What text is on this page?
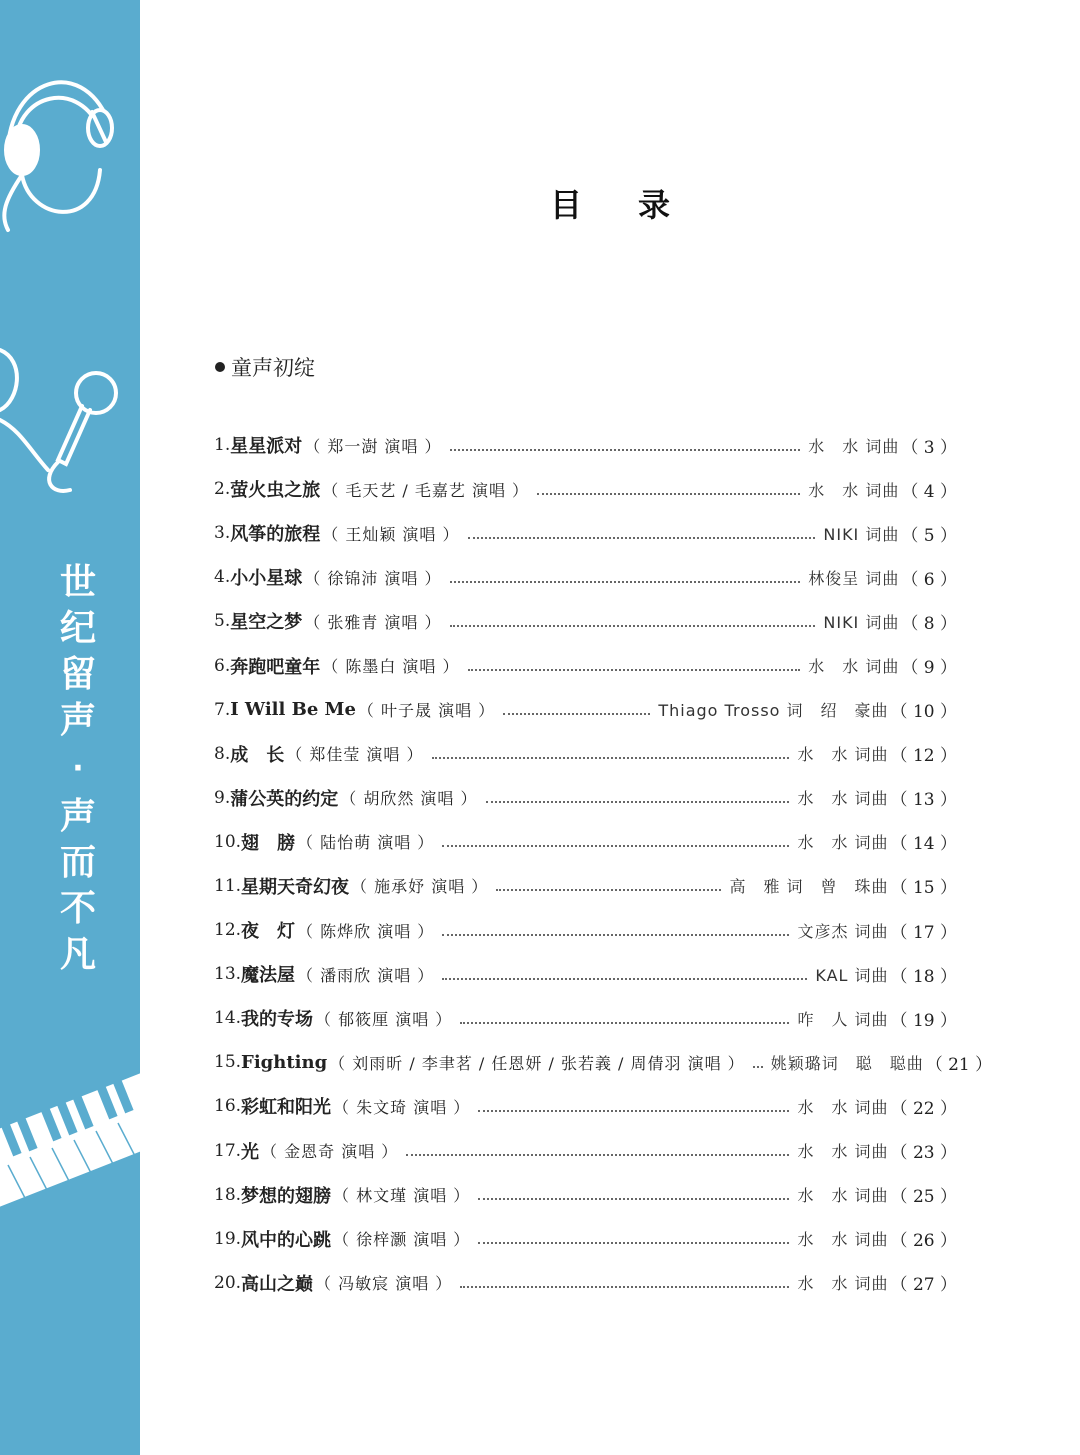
世
纪
留
声
·
声
而
不
凡
目录
童声初绽
1. 星星派对 （ 郑一澍 演唱 ）	水　水 词曲 （ 3 ）
2. 萤火虫之旅 （ 毛天艺 / 毛嘉艺 演唱 ）	水　水 词曲 （ 4 ）
3. 风筝的旅程 （ 王灿颖 演唱 ）	NIKI 词曲 （ 5 ）
4. 小小星球 （ 徐锦沛 演唱 ）	林俊呈 词曲 （ 6 ）
5. 星空之梦 （ 张雅青 演唱 ）	NIKI 词曲 （ 8 ）
6. 奔跑吧童年 （ 陈墨白 演唱 ）	水　水 词曲 （ 9 ）
7. I Will Be Me （ 叶子晟 演唱 ）	Thiago Trosso 词　绍　豪曲 （ 10 ）
8. 成　长 （ 郑佳莹 演唱 ）	水　水 词曲 （ 12 ）
9. 蒲公英的约定 （ 胡欣然 演唱 ）	水　水 词曲 （ 13 ）
10. 翅　膀 （ 陆怡萌 演唱 ）	水　水 词曲 （ 14 ）
11. 星期天奇幻夜 （ 施承妤 演唱 ）	高　雅 词　曾　珠曲 （ 15 ）
12. 夜　灯 （ 陈烨欣 演唱 ）	文彦杰 词曲 （ 17 ）
13. 魔法屋 （ 潘雨欣 演唱 ）	KAL 词曲 （ 18 ）
14. 我的专场 （ 郁筱厘 演唱 ）	咋　人 词曲 （ 19 ）
15. Fighting （ 刘雨昕 / 李聿茗 / 任恩妍 / 张若義 / 周倩羽 演唱 ） 姚颖璐词　聪　聪曲 （ 21 ）
16. 彩虹和阳光 （ 朱文琦 演唱 ）	水　水 词曲 （ 22 ）
17. 光 （ 金恩奇 演唱 ）	水　水 词曲 （ 23 ）
18. 梦想的翅膀 （ 林文瑾 演唱 ）	水　水 词曲 （ 25 ）
19. 风中的心跳 （ 徐梓灏 演唱 ）	水　水 词曲 （ 26 ）
20. 高山之巅 （ 冯敏宸 演唱 ）	水　水 词曲 （ 27 ）
